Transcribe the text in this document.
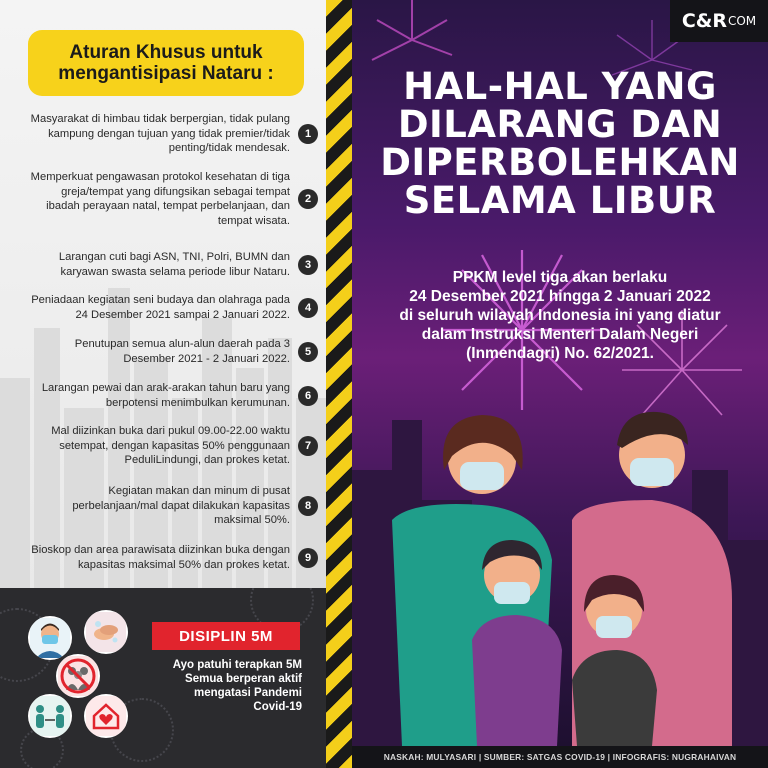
Aturan Khusus untuk
mengantisipasi Nataru :
Masyarakat di himbau tidak berpergian, tidak pulang kampung dengan tujuan yang tidak premier/tidak penting/tidak mendesak.
1
Memperkuat pengawasan protokol kesehatan di tiga greja/tempat yang difungsikan sebagai tempat ibadah perayaan natal, tempat perbelanjaan, dan tempat wisata.
2
Larangan cuti bagi ASN, TNI, Polri, BUMN dan karyawan swasta selama periode libur Nataru.
3
Peniadaan kegiatan seni budaya dan olahraga pada 24 Desember 2021 sampai 2 Januari 2022.
4
Penutupan semua alun-alun daerah pada 3 Desember 2021 - 2 Januari 2022.
5
Larangan pewai dan arak-arakan tahun baru yang berpotensi menimbulkan kerumunan.
6
Mal diizinkan buka dari pukul 09.00-22.00 waktu setempat, dengan kapasitas 50% penggunaan PeduliLindungi, dan prokes ketat.
7
Kegiatan makan dan minum di pusat perbelanjaan/mal dapat dilakukan kapasitas maksimal 50%.
8
Bioskop dan area parawisata diizinkan buka dengan kapasitas maksimal 50% dan prokes ketat.
9
DISIPLIN 5M
Ayo patuhi terapkan 5M
Semua berperan aktif
mengatasi Pandemi
Covid-19
C&R COM
HAL-HAL YANG
DILARANG DAN
DIPERBOLEHKAN
SELAMA LIBUR
PPKM level tiga akan berlaku
24 Desember 2021 hingga 2 Januari 2022
di seluruh wilayah Indonesia ini yang diatur
dalam Instruksi Menteri Dalam Negeri
(Inmendagri) No. 62/2021.
NASKAH: MULYASARI | SUMBER: SATGAS COVID-19 | INFOGRAFIS: NUGRAHAIVAN
